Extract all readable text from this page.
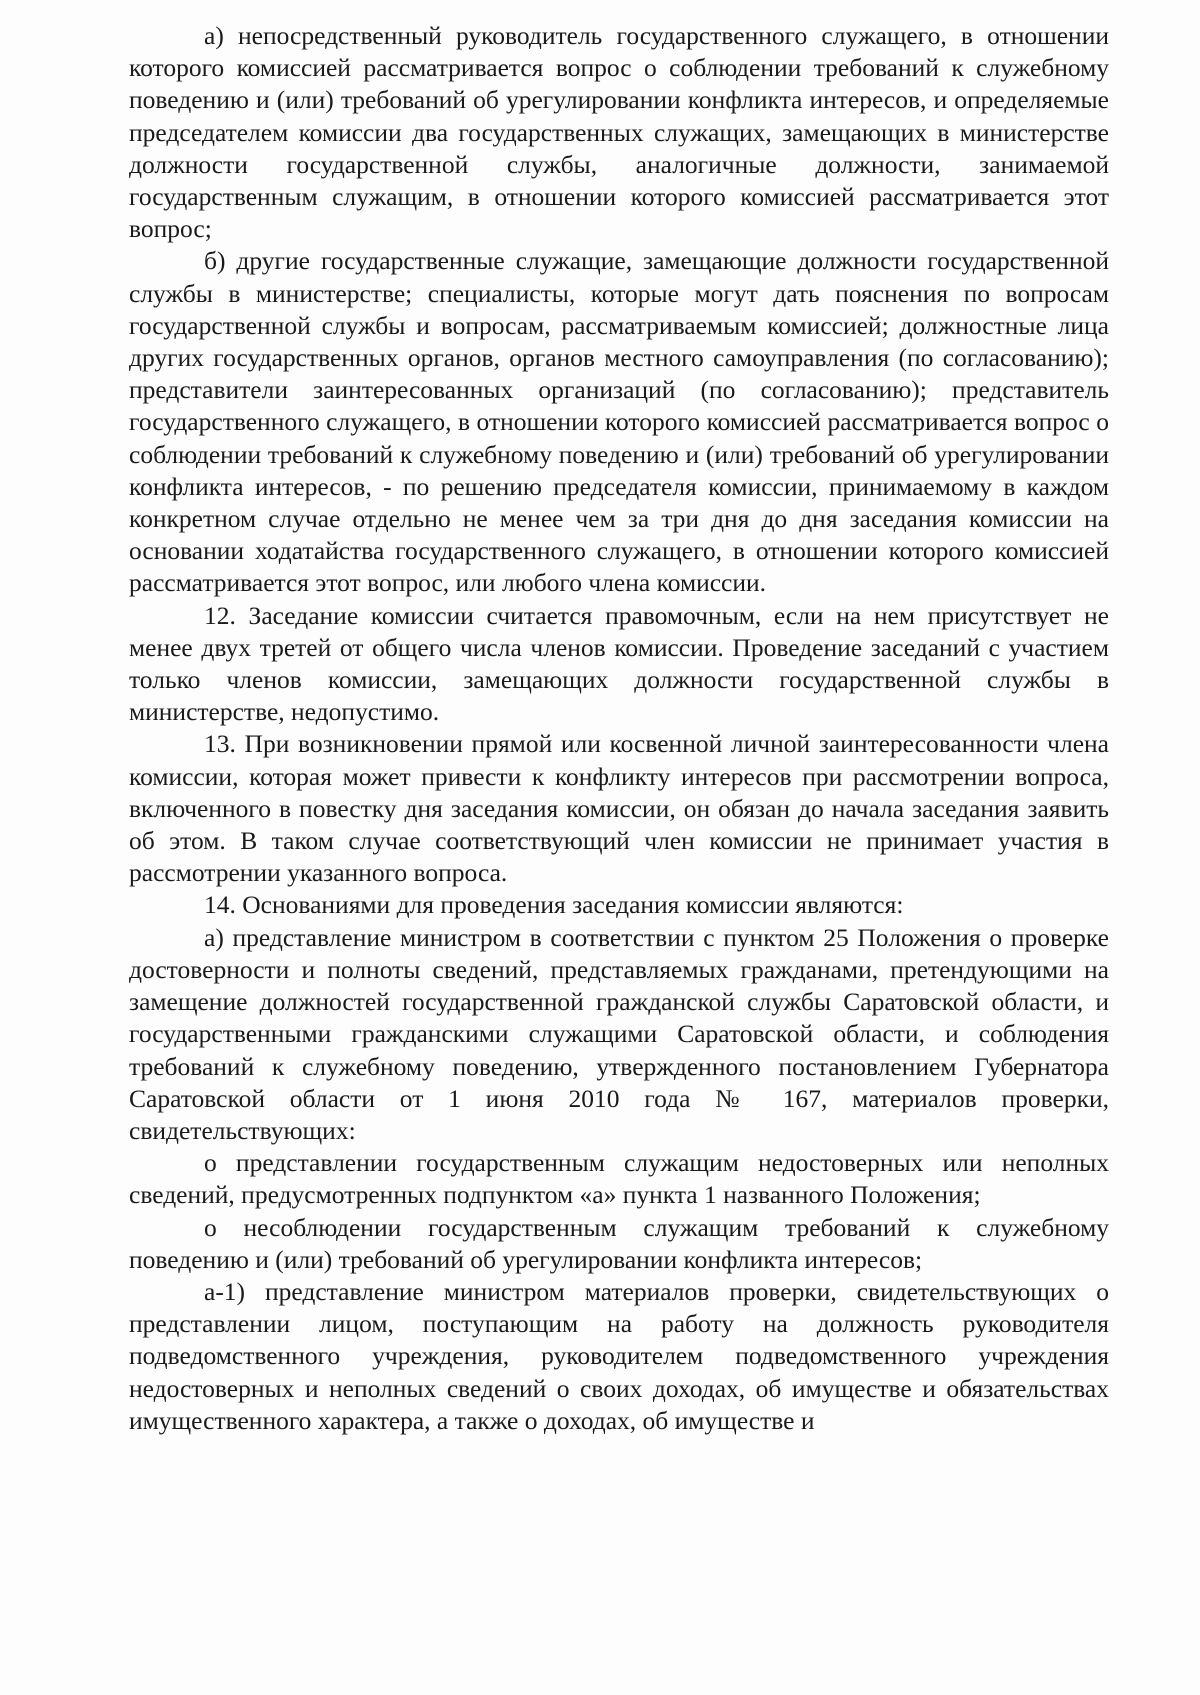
а) непосредственный руководитель государственного служащего, в отношении которого комиссией рассматривается вопрос о соблюдении требований к служебному поведению и (или) требований об урегулировании конфликта интересов, и определяемые председателем комиссии два государственных служащих, замещающих в министерстве должности государственной службы, аналогичные должности, занимаемой государственным служащим, в отношении которого комиссией рассматривается этот вопрос;

б) другие государственные служащие, замещающие должности государственной службы в министерстве; специалисты, которые могут дать пояснения по вопросам государственной службы и вопросам, рассматриваемым комиссией; должностные лица других государственных органов, органов местного самоуправления (по согласованию); представители заинтересованных организаций (по согласованию); представитель государственного служащего, в отношении которого комиссией рассматривается вопрос о соблюдении требований к служебному поведению и (или) требований об урегулировании конфликта интересов, - по решению председателя комиссии, принимаемому в каждом конкретном случае отдельно не менее чем за три дня до дня заседания комиссии на основании ходатайства государственного служащего, в отношении которого комиссией рассматривается этот вопрос, или любого члена комиссии.

12. Заседание комиссии считается правомочным, если на нем присутствует не менее двух третей от общего числа членов комиссии. Проведение заседаний с участием только членов комиссии, замещающих должности государственной службы в министерстве, недопустимо.

13. При возникновении прямой или косвенной личной заинтересованности члена комиссии, которая может привести к конфликту интересов при рассмотрении вопроса, включенного в повестку дня заседания комиссии, он обязан до начала заседания заявить об этом. В таком случае соответствующий член комиссии не принимает участия в рассмотрении указанного вопроса.

14. Основаниями для проведения заседания комиссии являются:

а) представление министром в соответствии с пунктом 25 Положения о проверке достоверности и полноты сведений, представляемых гражданами, претендующими на замещение должностей государственной гражданской службы Саратовской области, и государственными гражданскими служащими Саратовской области, и соблюдения требований к служебному поведению, утвержденного постановлением Губернатора Саратовской области от 1 июня 2010 года № 167, материалов проверки, свидетельствующих:

о представлении государственным служащим недостоверных или неполных сведений, предусмотренных подпунктом «а» пункта 1 названного Положения;

о несоблюдении государственным служащим требований к служебному поведению и (или) требований об урегулировании конфликта интересов;

а-1) представление министром материалов проверки, свидетельствующих о представлении лицом, поступающим на работу на должность руководителя подведомственного учреждения, руководителем подведомственного учреждения недостоверных и неполных сведений о своих доходах, об имуществе и обязательствах имущественного характера, а также о доходах, об имуществе и
